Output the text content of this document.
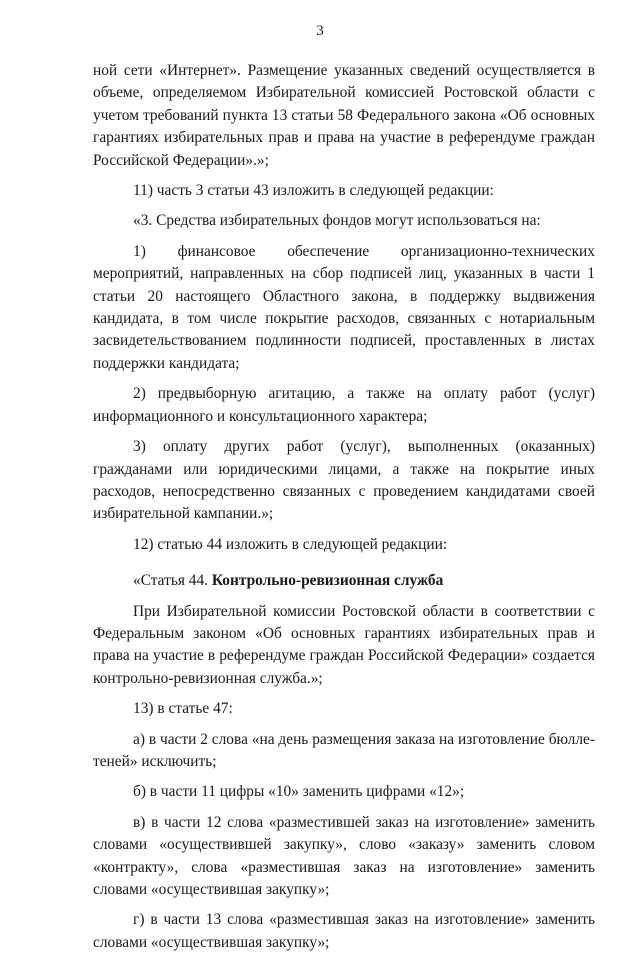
3

ной сети «Интернет». Размещение указанных сведений осуществляется в объеме, определяемом Избирательной комиссией Ростовской области с учетом требований пункта 13 статьи 58 Федерального закона «Об основных гарантиях избирательных прав и права на участие в референдуме граждан Российской Федерации».»;

11) часть 3 статьи 43 изложить в следующей редакции:

«3. Средства избирательных фондов могут использоваться на:

1) финансовое обеспечение организационно-технических мероприятий, направленных на сбор подписей лиц, указанных в части 1 статьи 20 настоящего Областного закона, в поддержку выдвижения кандидата, в том числе покрытие расходов, связанных с нотариальным засвидетельствованием подлинности подписей, проставленных в листах поддержки кандидата;

2) предвыборную агитацию, а также на оплату работ (услуг) информационного и консультационного характера;

3) оплату других работ (услуг), выполненных (оказанных) гражданами или юридическими лицами, а также на покрытие иных расходов, непосредственно связанных с проведением кандидатами своей избирательной кампании.»;

12) статью 44 изложить в следующей редакции:

«Статья 44. Контрольно-ревизионная служба

При Избирательной комиссии Ростовской области в соответствии с Федеральным законом «Об основных гарантиях избирательных прав и права на участие в референдуме граждан Российской Федерации» создается контрольно-ревизионная служба.»;

13) в статье 47:

а) в части 2 слова «на день размещения заказа на изготовление бюллетеней» исключить;

б) в части 11 цифры «10» заменить цифрами «12»;

в) в части 12 слова «разместившей заказ на изготовление» заменить словами «осуществившей закупку», слово «заказу» заменить словом «контракту», слова «разместившая заказ на изготовление» заменить словами «осуществившая закупку»;

г) в части 13 слова «разместившая заказ на изготовление» заменить словами «осуществившая закупку»;
